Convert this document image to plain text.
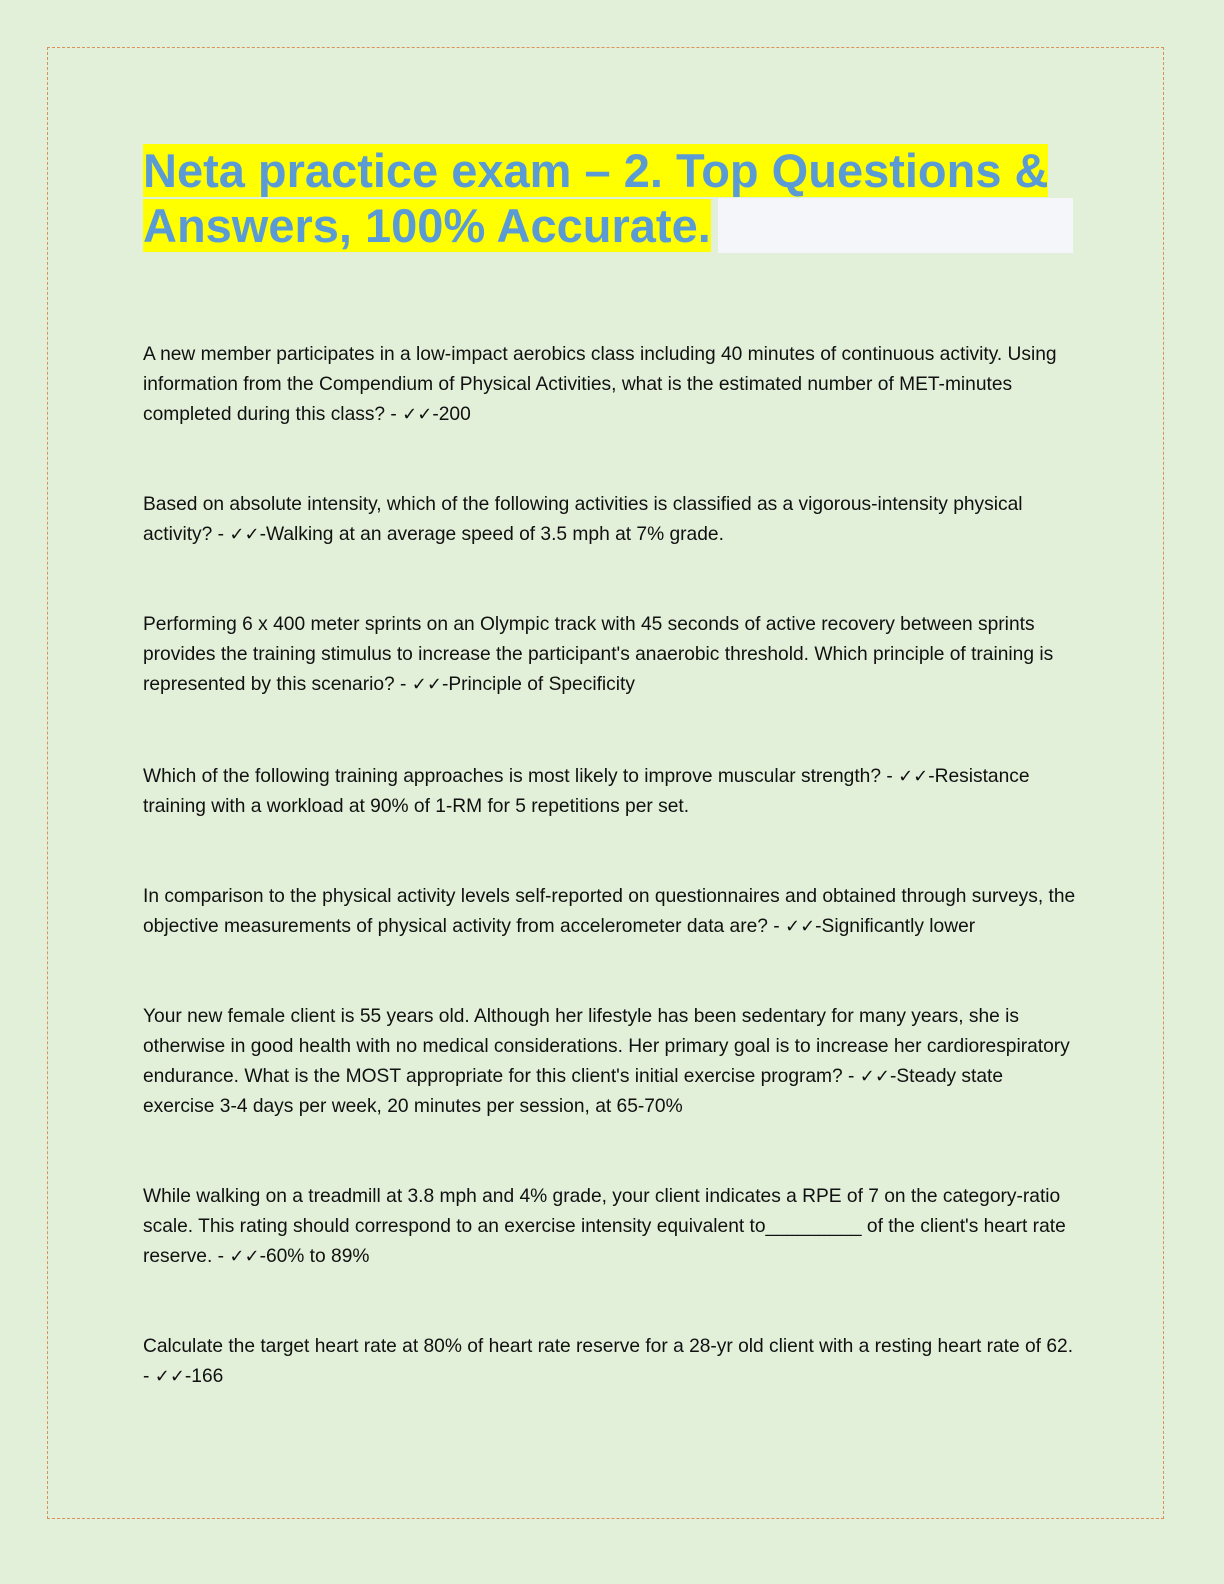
Neta practice exam – 2. Top Questions &
Answers, 100% Accurate.

A new member participates in a low-impact aerobics class including 40 minutes of continuous activity. Using information from the Compendium of Physical Activities, what is the estimated number of MET-minutes completed during this class? - ✓✓-200

Based on absolute intensity, which of the following activities is classified as a vigorous-intensity physical activity? - ✓✓-Walking at an average speed of 3.5 mph at 7% grade.

Performing 6 x 400 meter sprints on an Olympic track with 45 seconds of active recovery between sprints provides the training stimulus to increase the participant's anaerobic threshold. Which principle of training is represented by this scenario? - ✓✓-Principle of Specificity

Which of the following training approaches is most likely to improve muscular strength? - ✓✓-Resistance training with a workload at 90% of 1-RM for 5 repetitions per set.

In comparison to the physical activity levels self-reported on questionnaires and obtained through surveys, the objective measurements of physical activity from accelerometer data are? - ✓✓-Significantly lower

Your new female client is 55 years old. Although her lifestyle has been sedentary for many years, she is otherwise in good health with no medical considerations. Her primary goal is to increase her cardiorespiratory endurance. What is the MOST appropriate for this client's initial exercise program? - ✓✓-Steady state exercise 3-4 days per week, 20 minutes per session, at 65-70%

While walking on a treadmill at 3.8 mph and 4% grade, your client indicates a RPE of 7 on the category-ratio scale. This rating should correspond to an exercise intensity equivalent to_________ of the client's heart rate reserve. - ✓✓-60% to 89%

Calculate the target heart rate at 80% of heart rate reserve for a 28-yr old client with a resting heart rate of 62. - ✓✓-166
